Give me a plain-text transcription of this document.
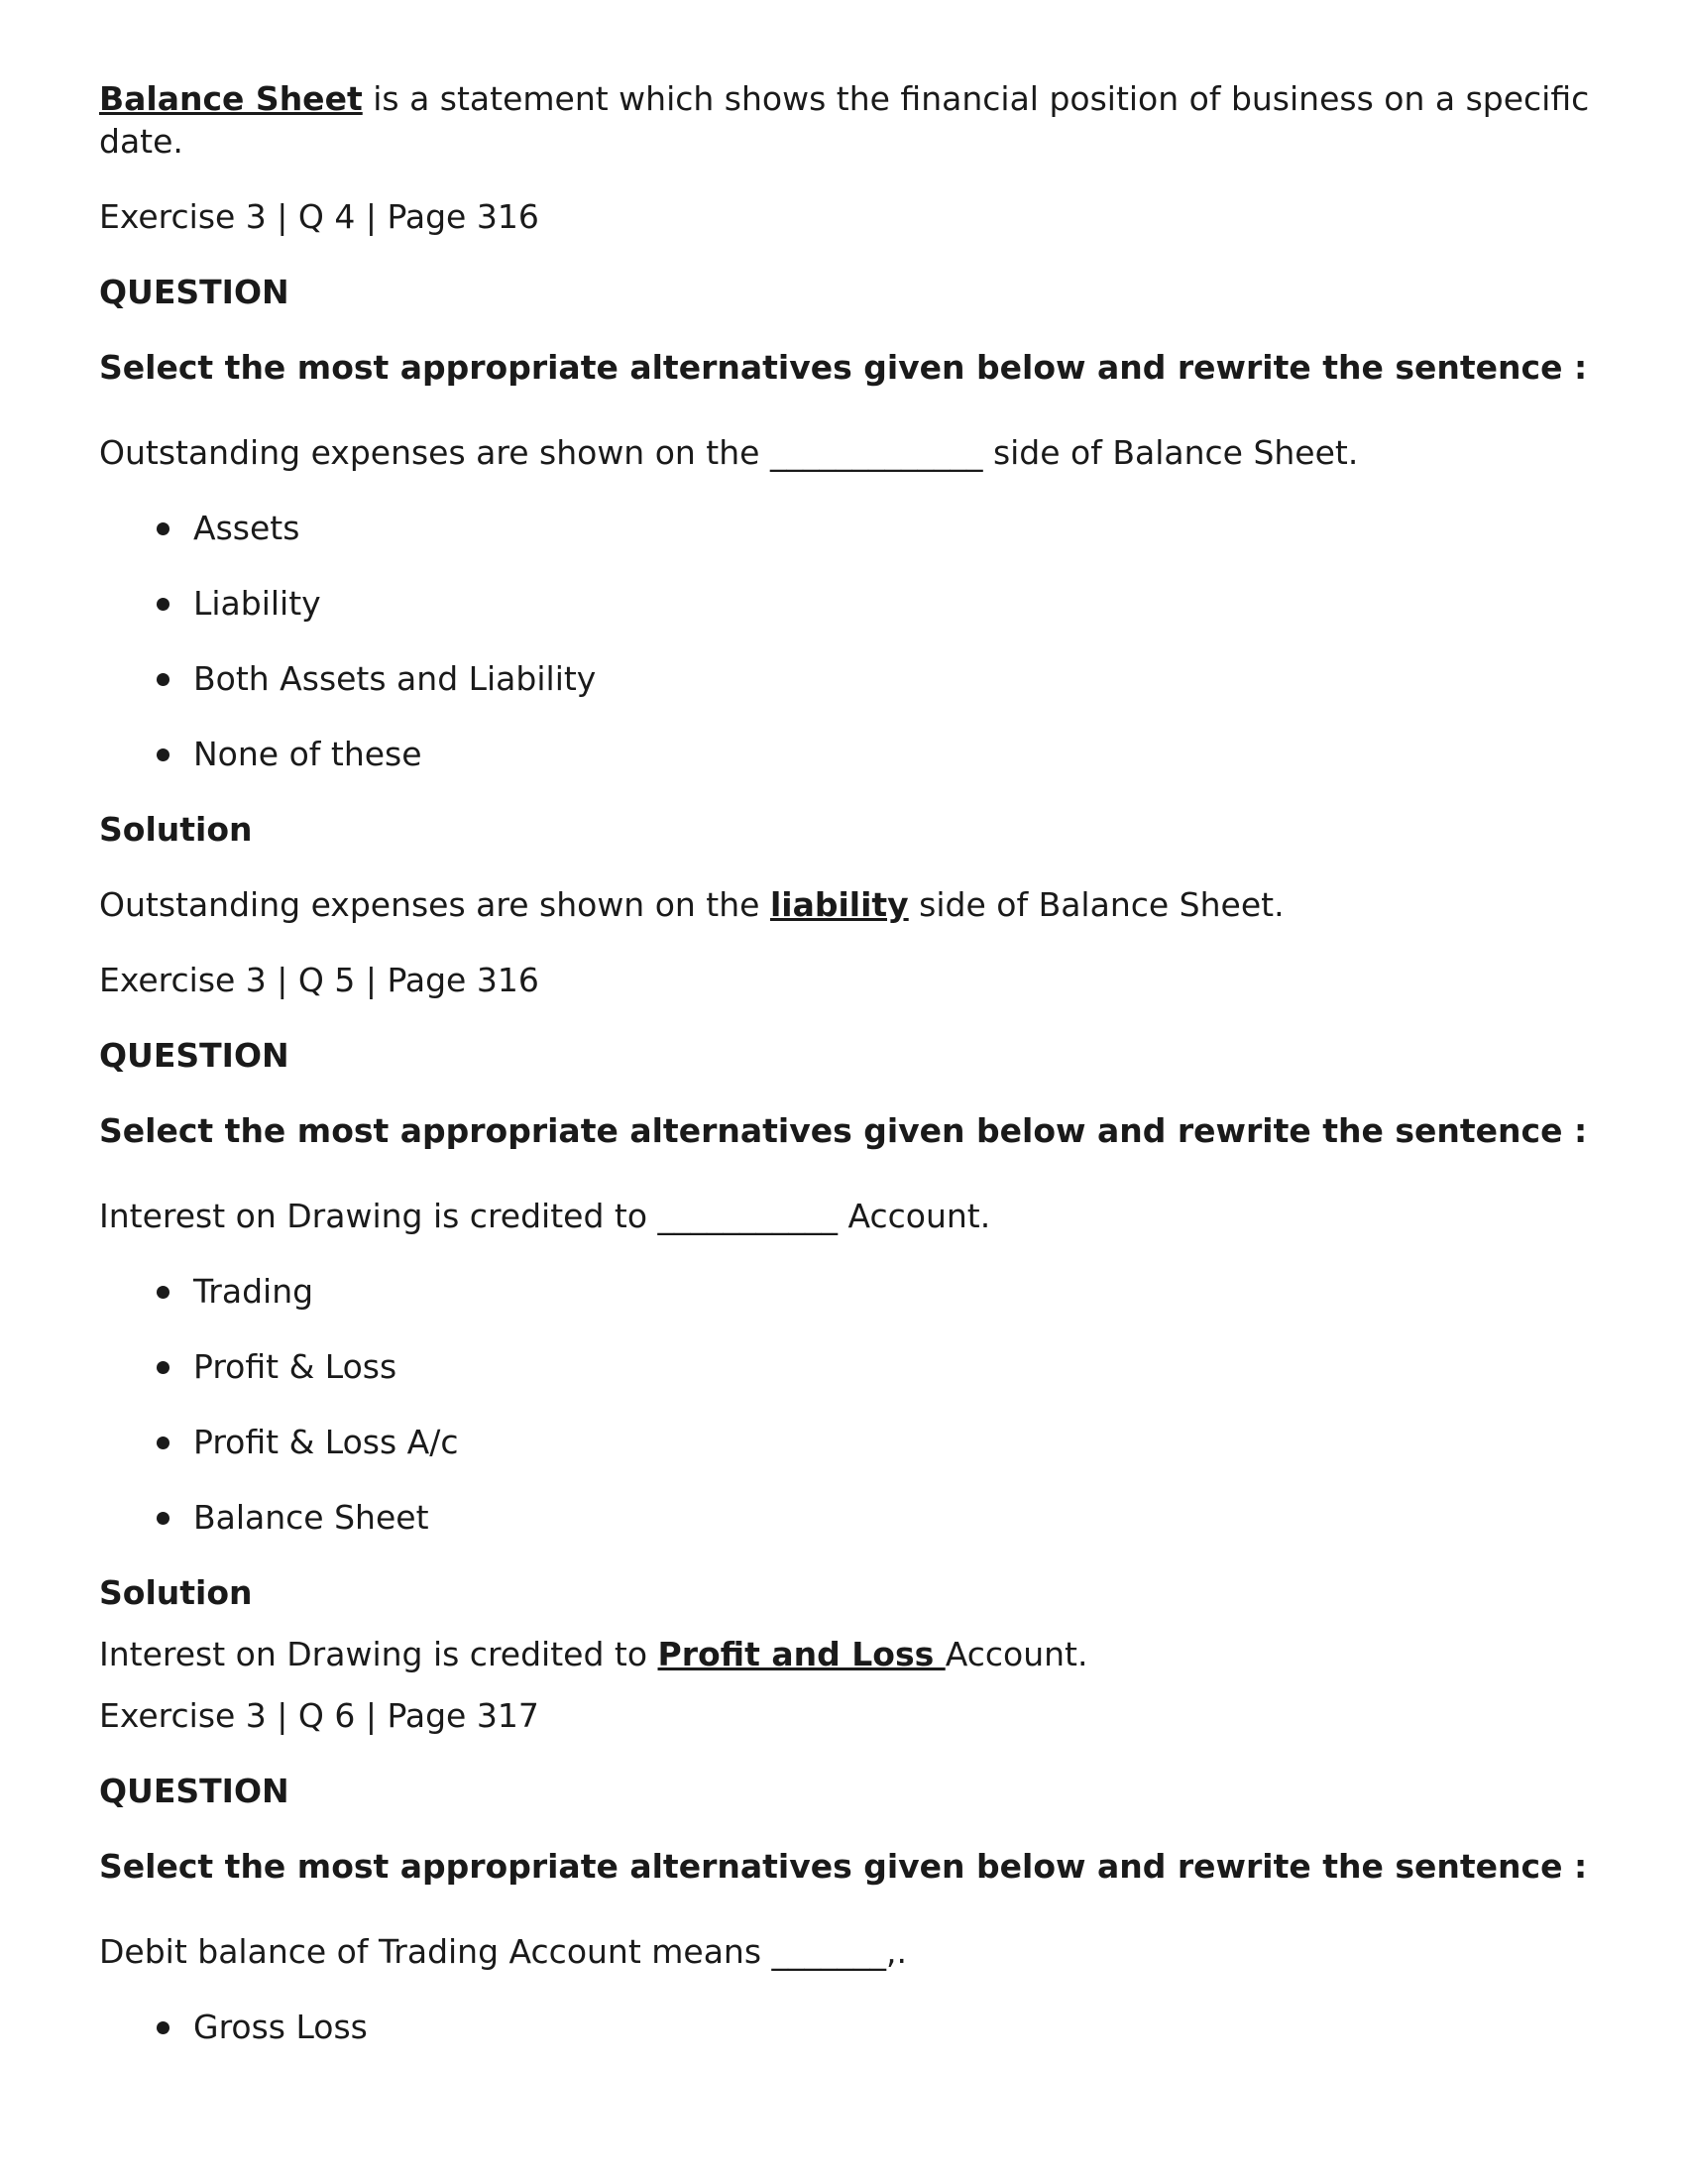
Balance Sheet is a statement which shows the financial position of business on a specific date.

Exercise 3 | Q 4 | Page 316

QUESTION

Select the most appropriate alternatives given below and rewrite the sentence :

Outstanding expenses are shown on the _____________ side of Balance Sheet.

Assets
Liability
Both Assets and Liability
None of these

Solution

Outstanding expenses are shown on the liability side of Balance Sheet.

Exercise 3 | Q 5 | Page 316

QUESTION

Select the most appropriate alternatives given below and rewrite the sentence :

Interest on Drawing is credited to ___________ Account.

Trading
Profit & Loss
Profit & Loss A/c
Balance Sheet

Solution

Interest on Drawing is credited to Profit and Loss Account.

Exercise 3 | Q 6 | Page 317

QUESTION

Select the most appropriate alternatives given below and rewrite the sentence :

Debit balance of Trading Account means _______,.

Gross Loss
